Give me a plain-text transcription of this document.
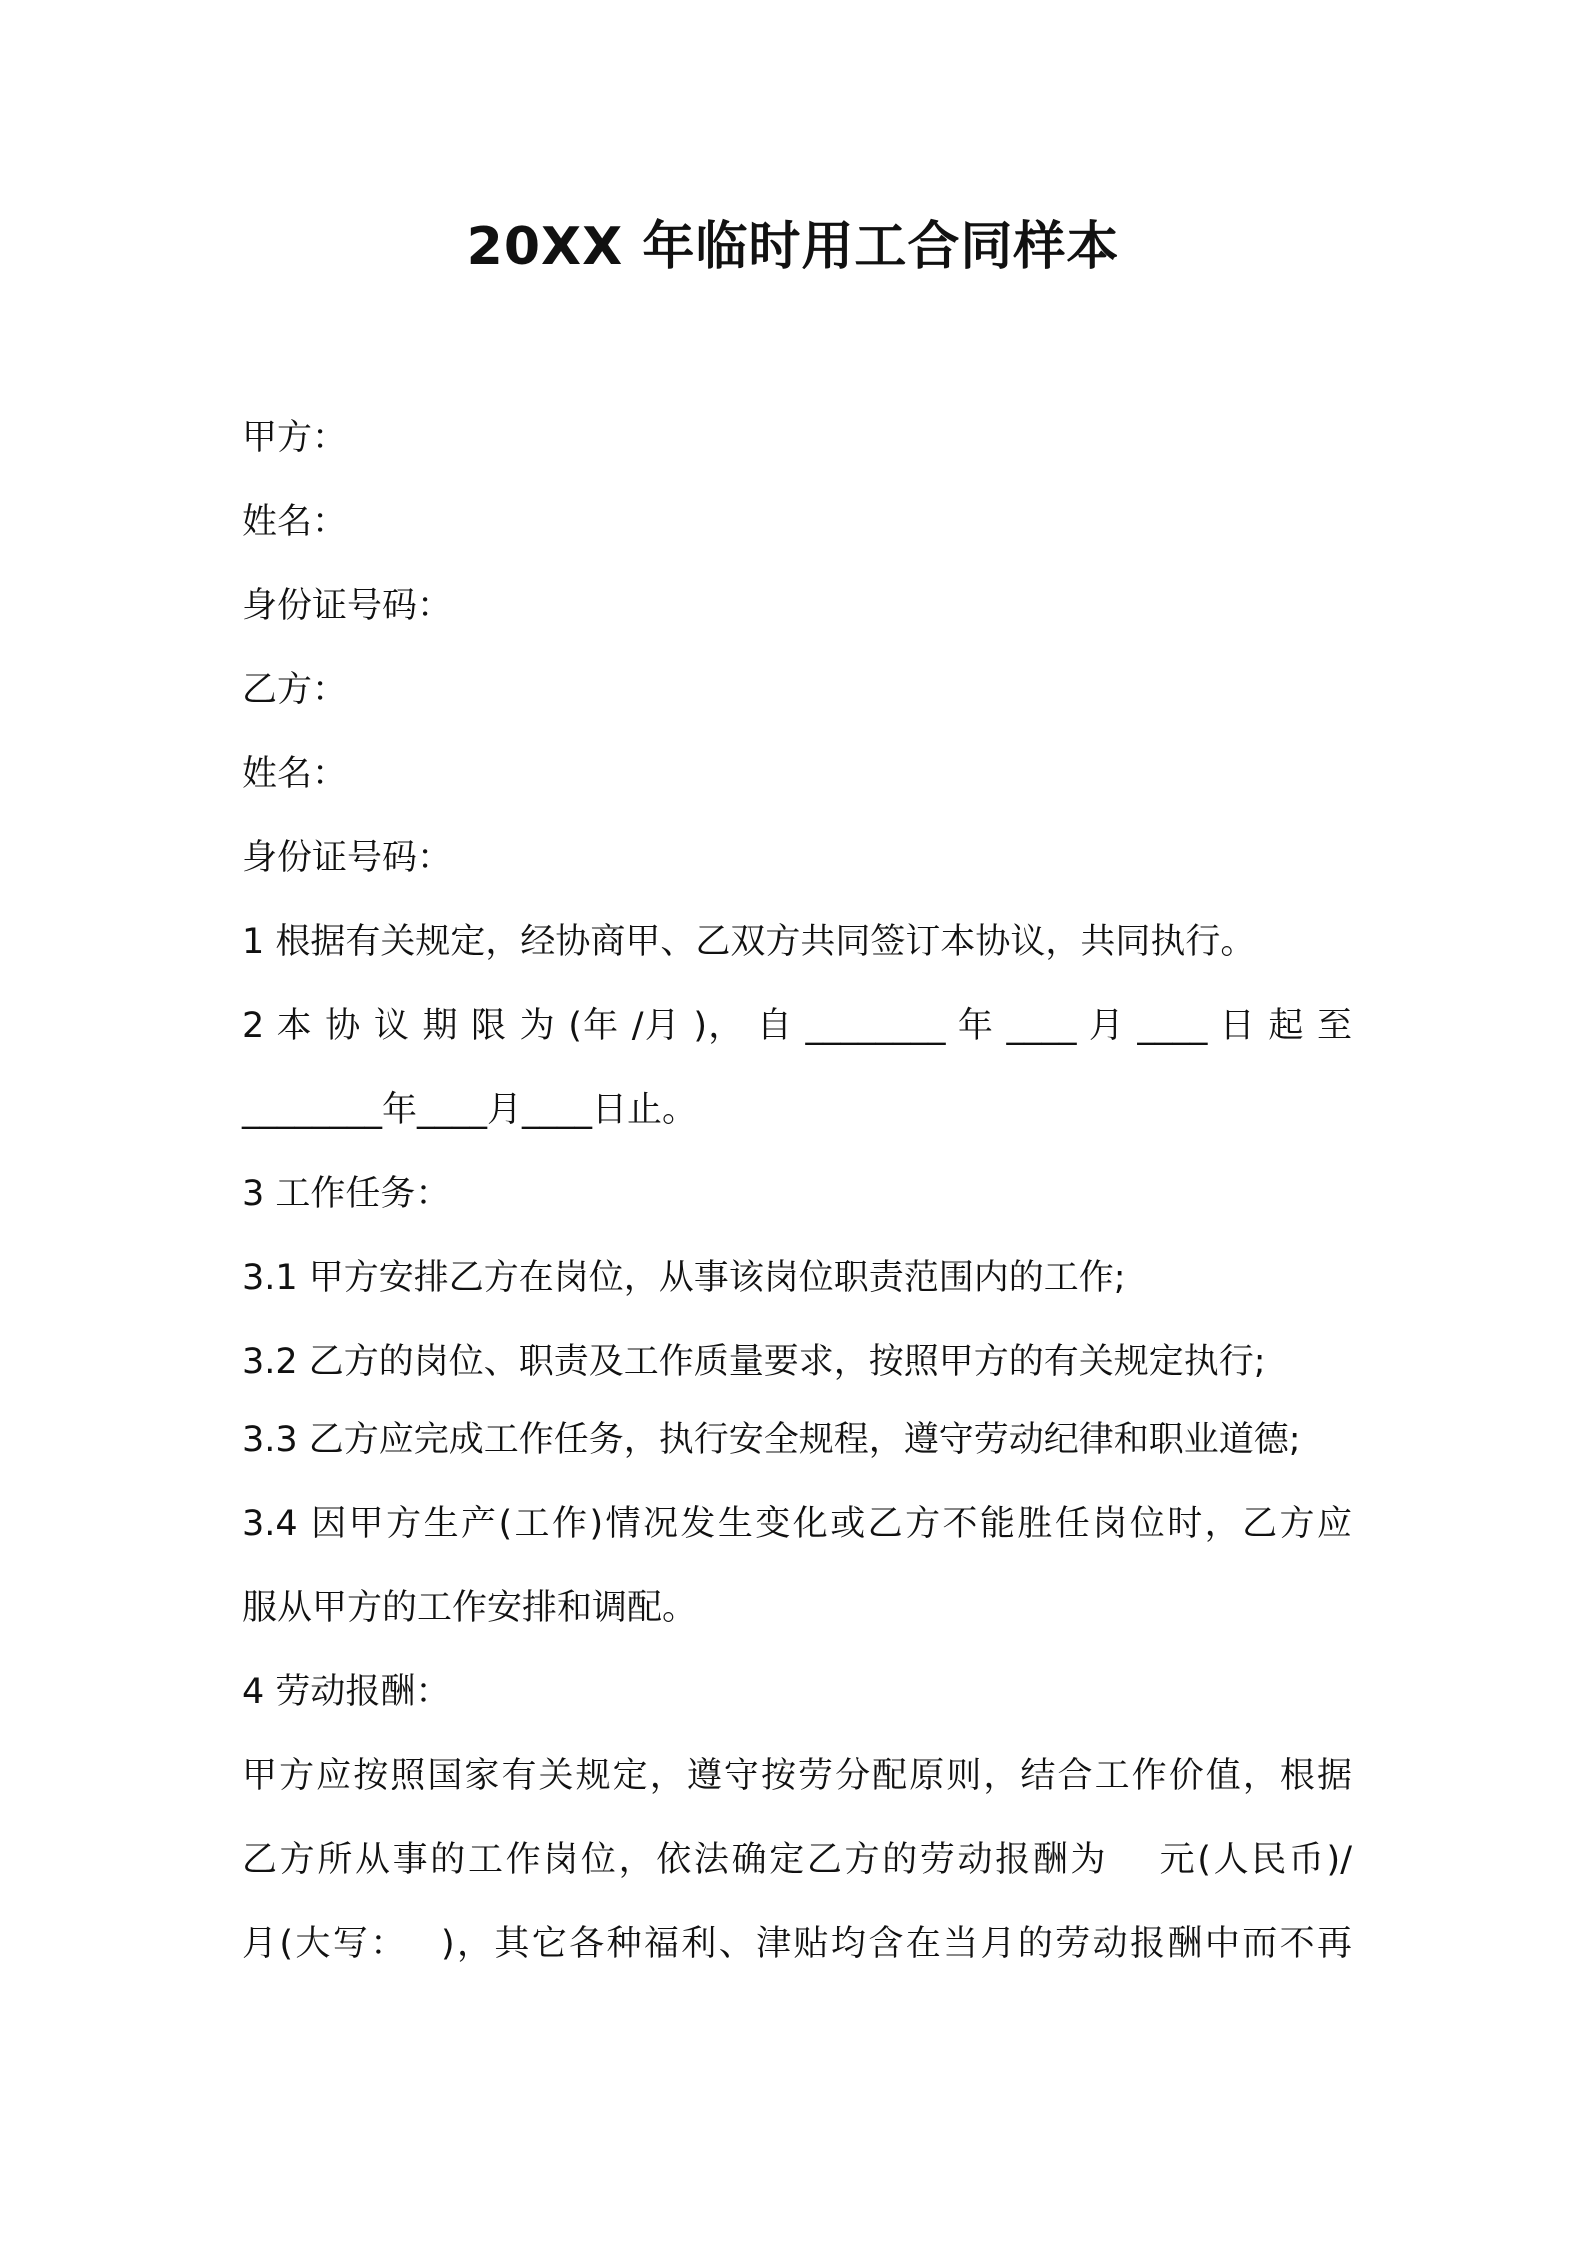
20XX 年临时用工合同样本
甲方：
姓名：
身份证号码：
乙方：
姓名：
身份证号码：
1 根据有关规定，经协商甲、乙双方共同签订本协议，共同执行。
2 本 协 议 期 限 为 (年 /月 )， 自 ________ 年 ____ 月 ____ 日 起 至
________年____月____日止。
3 工作任务：
3.1 甲方安排乙方在岗位，从事该岗位职责范围内的工作;
3.2 乙方的岗位、职责及工作质量要求，按照甲方的有关规定执行;
3.3 乙方应完成工作任务，执行安全规程，遵守劳动纪律和职业道德;
3.4 因甲方生产(工作)情况发生变化或乙方不能胜任岗位时，乙方应
服从甲方的工作安排和调配。
4 劳动报酬：
甲方应按照国家有关规定，遵守按劳分配原则，结合工作价值，根据
乙方所从事的工作岗位，依法确定乙方的劳动报酬为　 元(人民币)/
月(大写：　 )，其它各种福利、津贴均含在当月的劳动报酬中而不再
